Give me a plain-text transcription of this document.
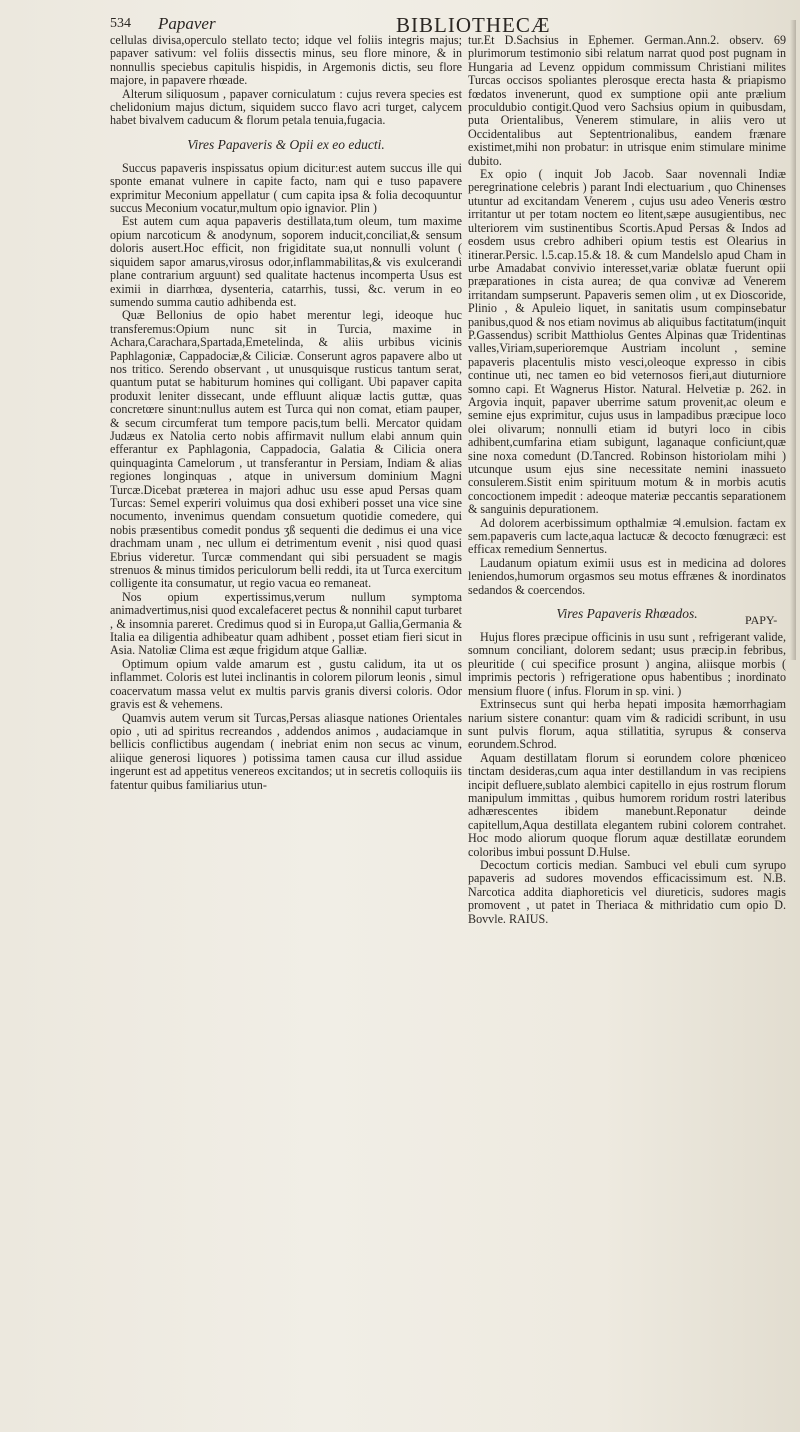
534 Papaver	BIBLIOTHECÆ

cellulas divisa,operculo stellato tecto; idque vel foliis integris majus; papaver sativum: vel foliis dissectis minus, seu flore minore, & in nonnullis speciebus capitulis hispidis, in Argemonis dictis, seu flore majore, in papavere rhœade.

Alterum siliquosum , papaver corniculatum : cujus revera species est chelidonium majus dictum, siquidem succo flavo acri turget, calycem habet bivalvem caducum & florum petala tenuia,fugacia.

Vires Papaveris & Opii ex eo educti.

Succus papaveris inspissatus opium dicitur:est autem succus ille qui sponte emanat vulnere in capite facto, nam qui e tuso papavere exprimitur Meconium appellatur ( cum capita ipsa & folia decoquuntur succus Meconium vocatur,multum opio ignavior. Plin )

Est autem cum aqua papaveris destillata,tum oleum, tum maxime opium narcoticum & anodynum, soporem inducit,conciliat,& sensum doloris ausert.Hoc efficit, non frigiditate sua,ut nonnulli volunt ( siquidem sapor amarus,virosus odor,inflammabilitas,& vis exulcerandi plane contrarium arguunt) sed qualitate hactenus incomperta Usus est eximii in diarrhœa, dysenteria, catarrhis, tussi, &c. verum in eo sumendo summa cautio adhibenda est.

Quæ Bellonius de opio habet merentur legi, ideoque huc transferemus:Opium nunc sit in Turcia, maxime in Achara,Carachara,Spartada,Emetelinda, & aliis urbibus vicinis Paphlagoniæ, Cappadociæ,& Ciliciæ. Conserunt agros papavere albo ut nos tritico. Serendo observant , ut unusquisque rusticus tantum serat, quantum putat se habiturum homines qui colligant. Ubi papaver capita produxit leniter dissecant, unde effluunt aliquæ lactis guttæ, quas concretœre sinunt:nullus autem est Turca qui non comat, etiam pauper, & secum circumferat tum tempore pacis,tum belli. Mercator quidam Judæus ex Natolia certo nobis affirmavit nullum elabi annum quin efferantur ex Paphlagonia, Cappadocia, Galatia & Cilicia onera quinquaginta Camelorum , ut transferantur in Persiam, Indiam & alias regiones longinquas , atque in universum dominium Magni Turcæ.Dicebat præterea in majori adhuc usu esse apud Persas quam Turcas: Semel experiri voluimus qua dosi exhiberi posset una vice sine nocumento, invenimus quendam consuetum quotidie comedere, qui nobis præsentibus comedit pondus ʒß sequenti die dedimus ei una vice drachmam unam , nec ullum ei detrimentum evenit , nisi quod quasi Ebrius videretur. Turcæ commendant qui sibi persuadent se magis strenuos & minus timidos periculorum belli reddi, ita ut Turca exercitum colligente ita consumatur, ut regio vacua eo remaneat.

Nos opium expertissimus,verum nullum symptoma animadvertimus,nisi quod excalefaceret pectus & nonnihil caput turbaret , & insomnia pareret. Credimus quod si in Europa,ut Gallia,Germania & Italia ea diligentia adhibeatur quam adhibent , posset etiam fieri sicut in Asia. Natoliæ Clima est æque frigidum atque Galliæ.

Optimum opium valde amarum est , gustu calidum, ita ut os inflammet. Coloris est lutei inclinantis in colorem pilorum leonis , simul coacervatum massa velut ex multis parvis granis diversi coloris. Odor gravis est & vehemens.

Quamvis autem verum sit Turcas,Persas aliasque nationes Orientales opio , uti ad spiritus recreandos , addendos animos , audaciamque in bellicis conflictibus augendam ( inebriat enim non secus ac vinum, aliique generosi liquores ) potissima tamen causa cur illud assidue ingerunt est ad appetitus venereos excitandos; ut in secretis colloquiis iis fatentur quibus familiarius utun-

tur.Et D.Sachsius in Ephemer. German.Ann.2. observ. 69 plurimorum testimonio sibi relatum narrat quod post pugnam in Hungaria ad Levenz oppidum commissum Christiani milites Turcas occisos spoliantes plerosque erecta hasta & priapismo fœdatos invenerunt, quod ex sumptione opii ante prælium proculdubio contigit.Quod vero Sachsius opium in quibusdam, puta Orientalibus, Venerem stimulare, in aliis vero ut Occidentalibus aut Septentrionalibus, eandem frænare existimet,mihi non probatur: in utrisque enim stimulare minime dubito.

Ex opio ( inquit Job Jacob. Saar novennali Indiæ peregrinatione celebris ) parant Indi electuarium , quo Chinenses utuntur ad excitandam Venerem , cujus usu adeo Veneris œstro irritantur ut per totam noctem eo litent,sæpe ausugientibus, nec ulteriorem vim sustinentibus Scortis.Apud Persas & Indos ad eosdem usus crebro adhiberi opium testis est Olearius in itinerar.Persic. l.5.cap.15.& 18. & cum Mandelslo apud Cham in urbe Amadabat convivio interesset,variæ oblatæ fuerunt opii præparationes in cista aurea; de qua convivæ ad Venerem irritandam sumpserunt. Papaveris semen olim , ut ex Dioscoride, Plinio , & Apuleio liquet, in sanitatis usum compinsebatur panibus,quod & nos etiam novimus ab aliquibus factitatum(inquit P.Gassendus) scribit Matthiolus Gentes Alpinas quæ Tridentinas valles,Viriam,superioremque Austriam incolunt , semine papaveris placentulis misto vesci,oleoque expresso in cibis continue uti, nec tamen eo bid veternosos fieri,aut diuturniore somno capi. Et Wagnerus Histor. Natural. Helvetiæ p. 262. in Argovia inquit, papaver uberrime satum provenit,ac oleum e semine ejus exprimitur, cujus usus in lampadibus præcipue loco olei olivarum; nonnulli etiam id butyri loco in cibis adhibent,cumfarina etiam subigunt, laganaque conficiunt,quæ sine noxa comedunt (D.Tancred. Robinson historiolam mihi ) utcunque usum ejus sine necessitate nemini inassueto consulerem.Sistit enim spirituum motum & in morbis acutis concoctionem impedit : adeoque materiæ peccantis separationem & sanguinis depurationem.

Ad dolorem acerbissimum opthalmiæ ♃.emulsion. factam ex sem.papaveris cum lacte,aqua lactucæ & decocto fœnugræci: est efficax remedium Sennertus.

Laudanum opiatum eximii usus est in medicina ad dolores leniendos,humorum orgasmos seu motus effrænes & inordinatos sedandos & coercendos.

Vires Papaveris Rhœados.

Hujus flores præcipue officinis in usu sunt , refrigerant valide, somnum conciliant, dolorem sedant; usus præcip.in febribus, pleuritide ( cui specifice prosunt ) angina, aliisque morbis ( imprimis pectoris ) refrigeratione opus habentibus ; inordinato mensium fluore ( infus. Florum in sp. vini. )

Extrinsecus sunt qui herba hepati imposita hæmorrhagiam narium sistere conantur: quam vim & radicidi scribunt, in usu sunt pulvis florum, aqua stillatitia, syrupus & conserva eorundem.Schrod.

Aquam destillatam florum si eorundem colore phœniceo tinctam desideras,cum aqua inter destillandum in vas recipiens incipit defluere,sublato alembici capitello in ejus rostrum florum manipulum immittas , quibus humorem roridum rostri lateribus adhærescentes ibidem manebunt.Reponatur deinde capitellum,Aqua destillata elegantem rubini colorem contrahet. Hoc modo aliorum quoque florum aquæ destillatæ eorundem coloribus imbui possunt D.Hulse.

Decoctum corticis median. Sambuci vel ebuli cum syrupo papaveris ad sudores movendos efficacissimum est. N.B. Narcotica addita diaphoreticis vel diureticis, sudores magis promovent , ut patet in Theriaca & mithridatio cum opio D. Bovvle. RAIUS.

PAPY-
